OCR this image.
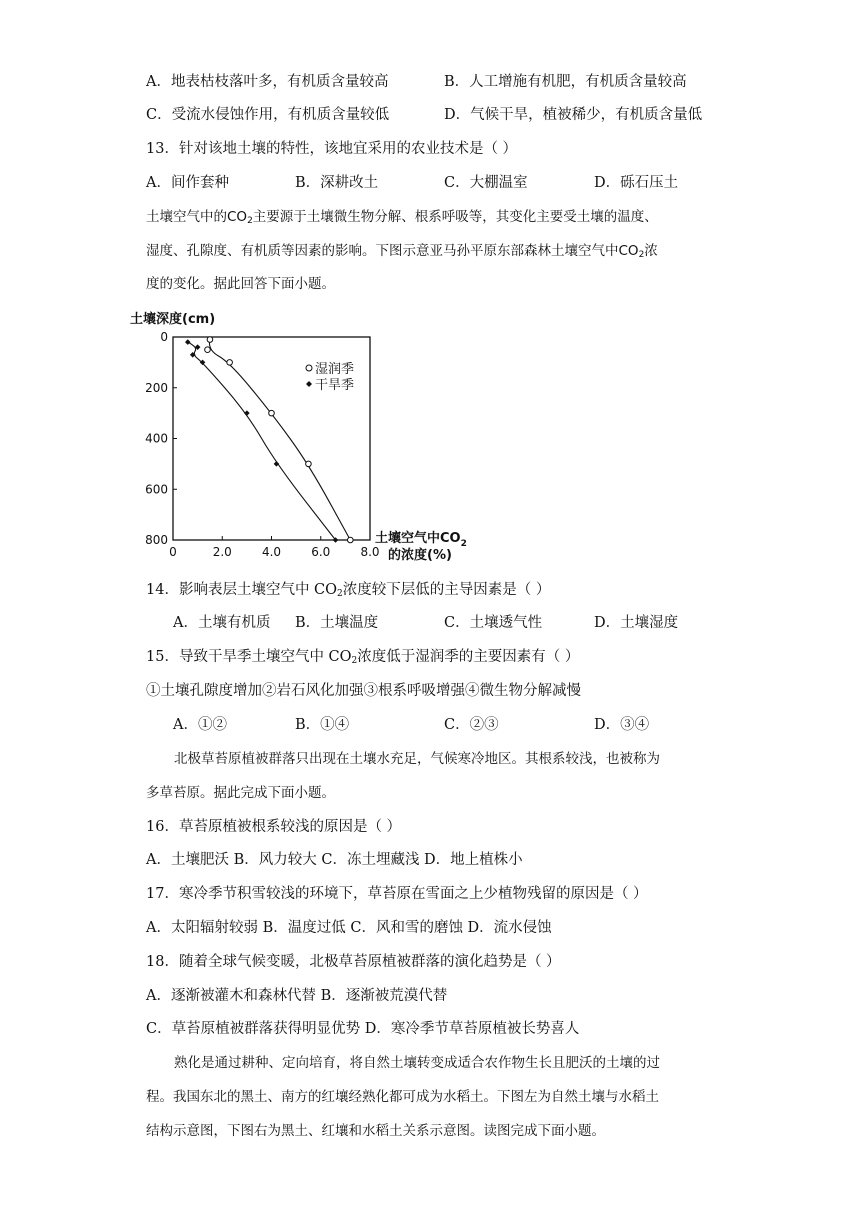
A．地表枯枝落叶多，有机质含量较高	B．人工增施有机肥，有机质含量较高
C．受流水侵蚀作用，有机质含量较低	D．气候干旱，植被稀少，有机质含量低
13．针对该地土壤的特性，该地宜采用的农业技术是（ ）
A．间作套种	B．深耕改土	C．大棚温室	D．砾石压土
土壤空气中的$CO_2$主要源于土壤微生物分解、根系呼吸等，其变化主要受土壤的温度、
湿度、孔隙度、有机质等因素的影响。下图示意亚马孙平原东部森林土壤空气中$CO_2$浓
度的变化。据此回答下面小题。
土壤深度(cm)
0
200
400
600
800
0	2.0	4.0	6.0	8.0
湿润季
干旱季
土壤空气中$CO_2$
的浓度(%)
14．影响表层土壤空气中 $CO_2$浓度较下层低的主导因素是（ ）
A．土壤有机质 B．土壤温度	C．土壤透气性	D．土壤湿度
15．导致干旱季土壤空气中 $CO_2$浓度低于湿润季的主要因素有（ ）
①土壤孔隙度增加②岩石风化加强③根系呼吸增强④微生物分解减慢
A．①②	B．①④	C．②③	D．③④
北极草苔原植被群落只出现在土壤水充足，气候寒冷地区。其根系较浅，也被称为
多草苔原。据此完成下面小题。
16．草苔原植被根系较浅的原因是（ ）
A．土壤肥沃 B．风力较大 C．冻土埋藏浅 D．地上植株小
17．寒冷季节积雪较浅的环境下，草苔原在雪面之上少植物残留的原因是（ ）
A．太阳辐射较弱 B．温度过低 C．风和雪的磨蚀 D．流水侵蚀
18．随着全球气候变暖，北极草苔原植被群落的演化趋势是（ ）
A．逐渐被灌木和森林代替 B．逐渐被荒漠代替
C．草苔原植被群落获得明显优势 D．寒冷季节草苔原植被长势喜人
熟化是通过耕种、定向培育，将自然土壤转变成适合农作物生长且肥沃的土壤的过
程。我国东北的黑土、南方的红壤经熟化都可成为水稻土。下图左为自然土壤与水稻土
结构示意图，下图右为黑土、红壤和水稻土关系示意图。读图完成下面小题。
